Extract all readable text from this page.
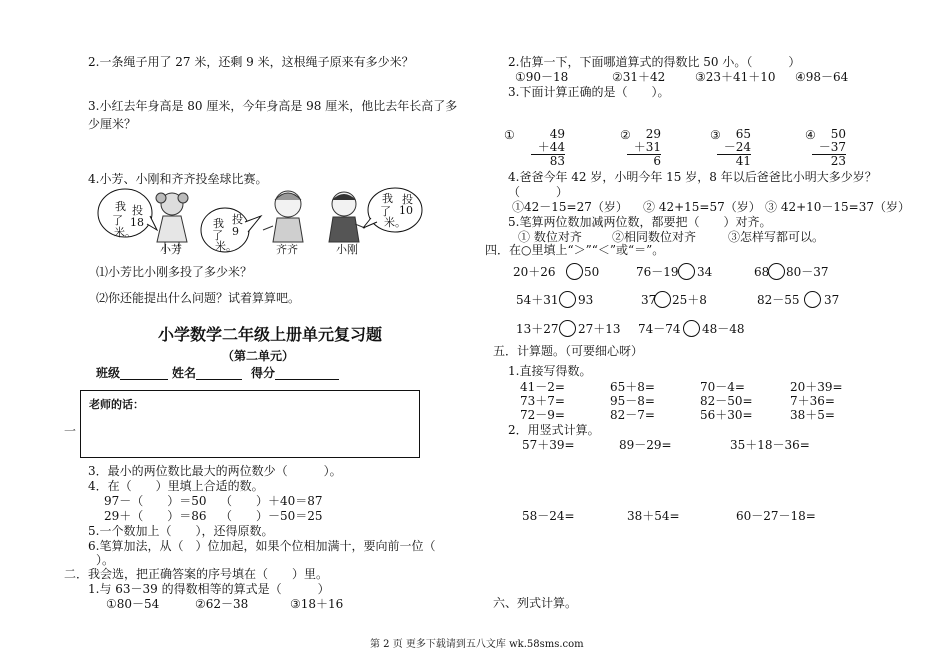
2.一条绳子用了 27 米，还剩 9 米，这根绳子原来有多少米？
3.小红去年身高是 80 厘米，今年身高是 98 厘米，他比去年长高了多
少厘米？
4.小芳、小刚和齐齐投垒球比赛。
我 投
了 18
米。
我 投
了 9
米。
我 投
了 10
米。
小芳	齐齐	小刚
⑴小芳比小刚多投了多少米？
⑵你还能提出什么问题？试着算算吧。
小学数学二年级上册单元复习题
（第二单元）
班级	姓名	得分
一
老师的话：
3．最小的两位数比最大的两位数少（　　　）。
4．在（　　）里填上合适的数。
97－（　　）＝50 （　　）＋40＝87
29＋（　　）＝86 （　　）－50＝25
5.一个数加上（　　），还得原数。
6.笔算加法，从（　）位加起，如果个位相加满十，要向前一位（
）。
二．我会选，把正确答案的序号填在（　　）里。
1.与 63－39 的得数相等的算式是（　　　）
①80－54	②62－38	③18＋16
2.估算一下，下面哪道算式的得数比 50 小。（　　　）
①90－18	②31＋42 ③23＋41＋10 ④98－64
3.下面计算正确的是（　　）。
①	49
＋44
83
②	29
＋31
6
③	65
－24
41
④	50
－37
23
4.爸爸今年 42 岁，小明今年 15 岁，8 年以后爸爸比小明大多少岁？
（　　　）
①42－15=27（岁） ② 42+15=57（岁） ③ 42+10－15=37（岁）
5.笔算两位数加减两位数，都要把（　　）对齐。
① 数位对齐	②相同数位对齐	③怎样写都可以。
四．在○里填上“＞”“＜”或“＝”。
20＋26 50	76－19 34	68 80－37
54＋31 93	37 25＋8	82－55 37
13＋27 27＋13 74－74 48－48
五．计算题。（可要细心呀）
1.直接写得数。
41－2=	65＋8=	70－4=	20＋39=
73＋7=	95－8=	82－50=	7＋36=
72－9=	82－7=	56＋30=	38＋5=
2．用竖式计算。
57＋39=	89－29=	35＋18－36=
58－24=	38＋54=	60－27－18=
六、列式计算。
第 2 页 更多下载请到五八文库 wk.58sms.com
